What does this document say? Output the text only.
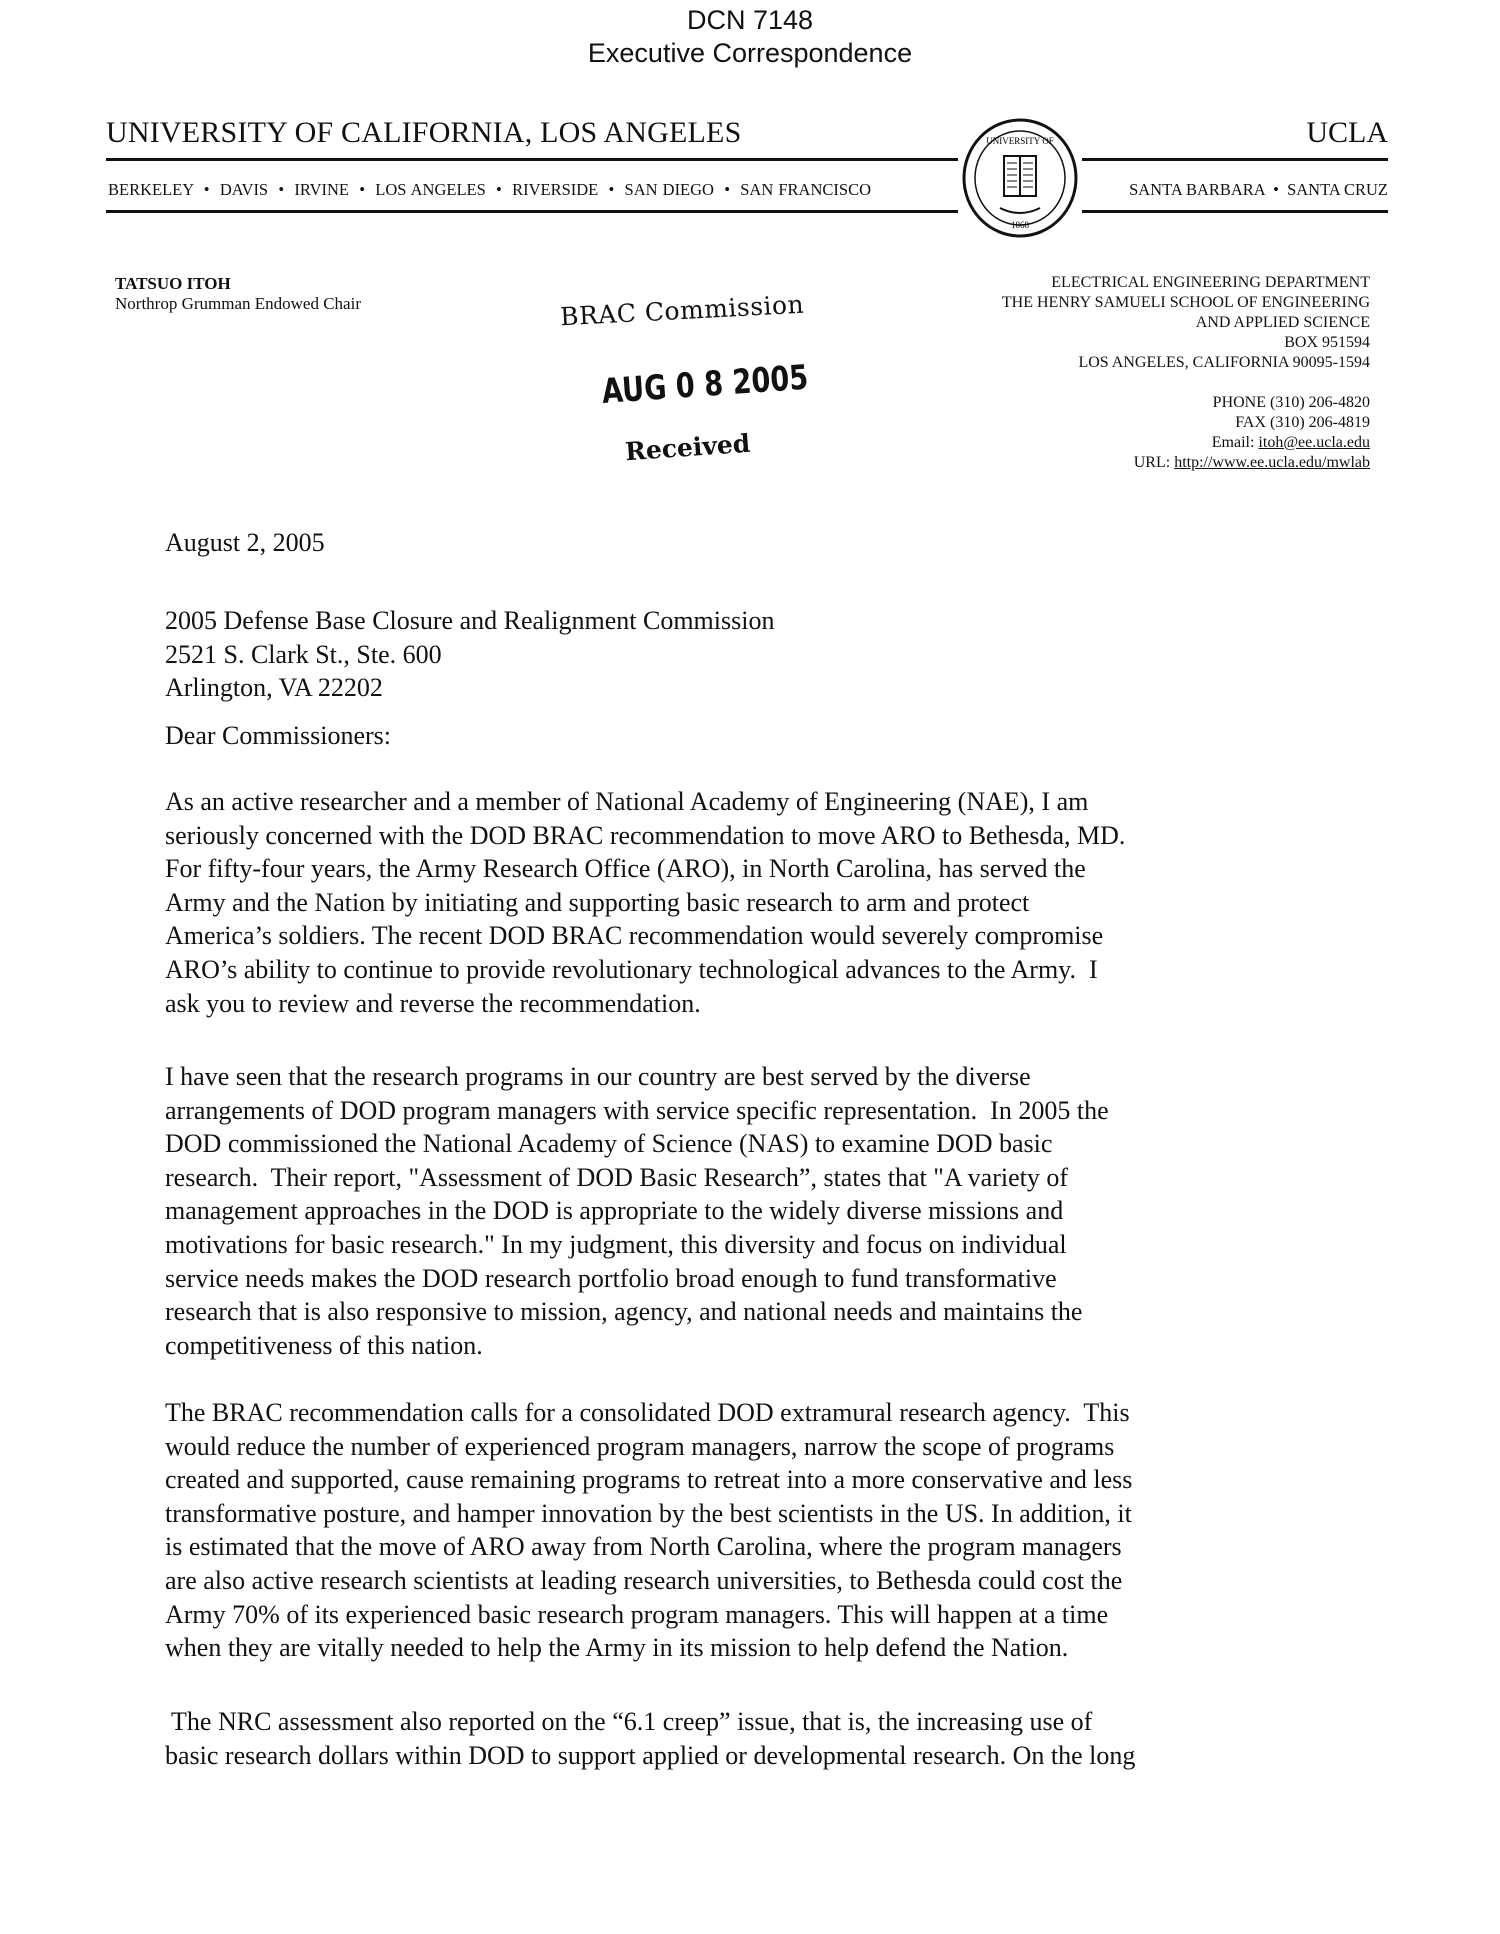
DCN 7148
Executive Correspondence
UNIVERSITY OF CALIFORNIA, LOS ANGELES	UCLA
BERKELEY  •  DAVIS  •  IRVINE  •  LOS ANGELES  •  RIVERSIDE  •  SAN DIEGO  •  SAN FRANCISCO	SANTA BARBARA  •  SANTA CRUZ
UNIVERSITY OF
1868
TATSUO ITOH
Northrop Grumman Endowed Chair
ELECTRICAL ENGINEERING DEPARTMENT
THE HENRY SAMUELI SCHOOL OF ENGINEERING
AND APPLIED SCIENCE
BOX 951594
LOS ANGELES, CALIFORNIA 90095-1594
PHONE (310) 206-4820
FAX (310) 206-4819
Email: itoh@ee.ucla.edu
URL: http://www.ee.ucla.edu/mwlab
BRAC Commission
AUG 0 8 2005
Received
August 2, 2005
2005 Defense Base Closure and Realignment Commission
2521 S. Clark St., Ste. 600
Arlington, VA 22202
Dear Commissioners:
As an active researcher and a member of National Academy of Engineering (NAE), I am
seriously concerned with the DOD BRAC recommendation to move ARO to Bethesda, MD.
For fifty-four years, the Army Research Office (ARO), in North Carolina, has served the
Army and the Nation by initiating and supporting basic research to arm and protect
America’s soldiers. The recent DOD BRAC recommendation would severely compromise
ARO’s ability to continue to provide revolutionary technological advances to the Army.  I
ask you to review and reverse the recommendation.
I have seen that the research programs in our country are best served by the diverse
arrangements of DOD program managers with service specific representation.  In 2005 the
DOD commissioned the National Academy of Science (NAS) to examine DOD basic
research.  Their report, "Assessment of DOD Basic Research”, states that "A variety of
management approaches in the DOD is appropriate to the widely diverse missions and
motivations for basic research." In my judgment, this diversity and focus on individual
service needs makes the DOD research portfolio broad enough to fund transformative
research that is also responsive to mission, agency, and national needs and maintains the
competitiveness of this nation.
The BRAC recommendation calls for a consolidated DOD extramural research agency.  This
would reduce the number of experienced program managers, narrow the scope of programs
created and supported, cause remaining programs to retreat into a more conservative and less
transformative posture, and hamper innovation by the best scientists in the US. In addition, it
is estimated that the move of ARO away from North Carolina, where the program managers
are also active research scientists at leading research universities, to Bethesda could cost the
Army 70% of its experienced basic research program managers. This will happen at a time
when they are vitally needed to help the Army in its mission to help defend the Nation.
The NRC assessment also reported on the “6.1 creep” issue, that is, the increasing use of
basic research dollars within DOD to support applied or developmental research. On the long
